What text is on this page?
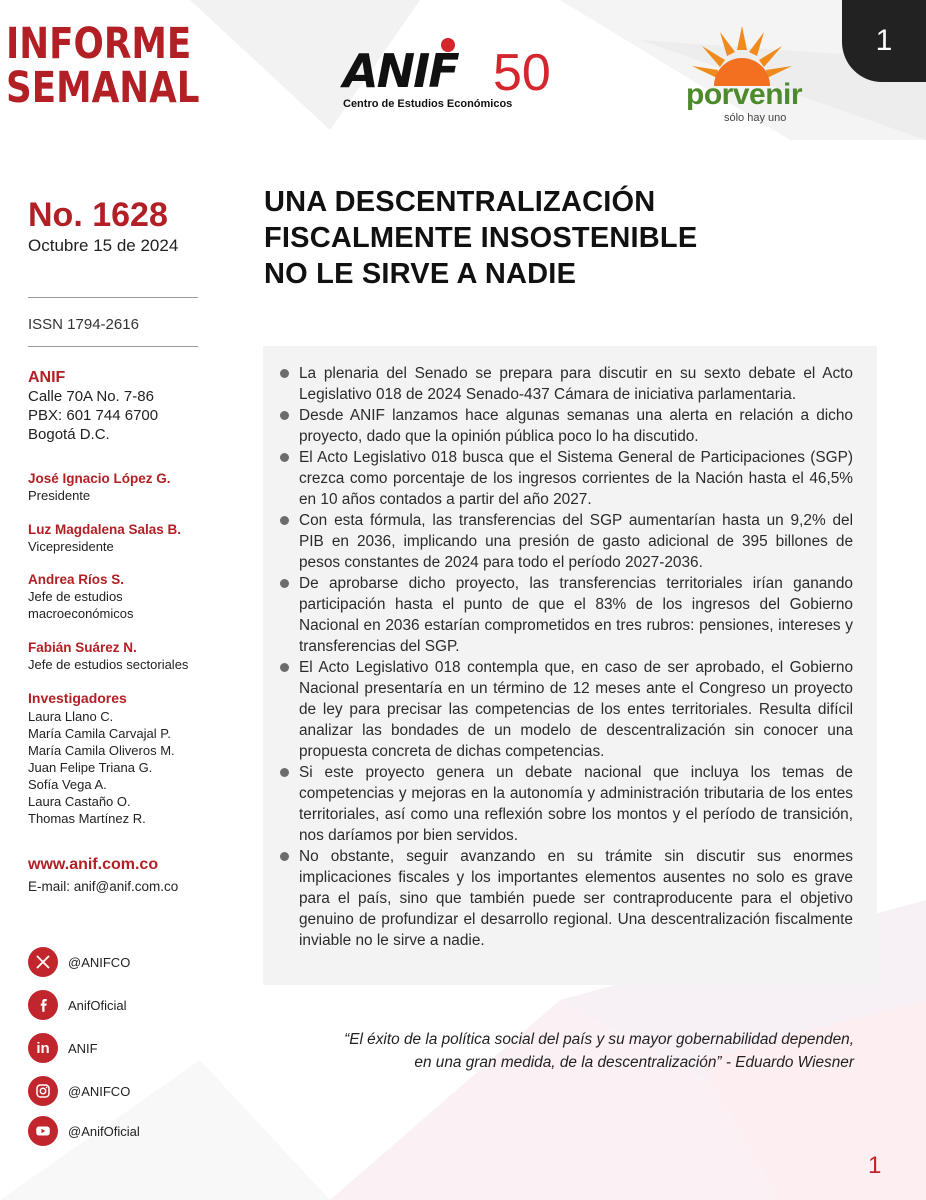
INFORME
SEMANAL	ANIF 50
Centro de Estudios Económicos	porvenir
sólo hay uno
1
No. 1628
Octubre 15 de 2024
ISSN 1794-2616
ANIF
Calle 70A No. 7-86
PBX: 601 744 6700
Bogotá D.C.
José Ignacio López G.
Presidente
Luz Magdalena Salas B.
Vicepresidente
Andrea Ríos S.
Jefe de estudios macroeconómicos
Fabián Suárez N.
Jefe de estudios sectoriales
Investigadores
Laura Llano C.
María Camila Carvajal P.
María Camila Oliveros M.
Juan Felipe Triana G.
Sofía Vega A.
Laura Castaño O.
Thomas Martínez R.
www.anif.com.co
E-mail: anif@anif.com.co
@ANIFCO
AnifOficial
in	ANIF
@ANIFCO
@AnifOficial
UNA DESCENTRALIZACIÓN
FISCALMENTE INSOSTENIBLE
NO LE SIRVE A NADIE
La plenaria del Senado se prepara para discutir en su sexto debate el Acto Legislativo 018 de 2024 Senado-437 Cámara de iniciativa parlamentaria.
Desde ANIF lanzamos hace algunas semanas una alerta en relación a dicho proyecto, dado que la opinión pública poco lo ha discutido.
El Acto Legislativo 018 busca que el Sistema General de Participaciones (SGP) crezca como porcentaje de los ingresos corrientes de la Nación hasta el 46,5% en 10 años contados a partir del año 2027.
Con esta fórmula, las transferencias del SGP aumentarían hasta un 9,2% del PIB en 2036, implicando una presión de gasto adicional de 395 billones de pesos constantes de 2024 para todo el período 2027-2036.
De aprobarse dicho proyecto, las transferencias territoriales irían ganando participación hasta el punto de que el 83% de los ingresos del Gobierno Nacional en 2036 estarían comprometidos en tres rubros: pensiones, intereses y transferencias del SGP.
El Acto Legislativo 018 contempla que, en caso de ser aprobado, el Gobierno Nacional presentaría en un término de 12 meses ante el Congreso un proyecto de ley para precisar las competencias de los entes territoriales. Resulta difícil analizar las bondades de un modelo de descentralización sin conocer una propuesta concreta de dichas competencias.
Si este proyecto genera un debate nacional que incluya los temas de competencias y mejoras en la autonomía y administración tributaria de los entes territoriales, así como una reflexión sobre los montos y el período de transición, nos daríamos por bien servidos.
No obstante, seguir avanzando en su trámite sin discutir sus enormes implicaciones fiscales y los importantes elementos ausentes no solo es grave para el país, sino que también puede ser contraproducente para el objetivo genuino de profundizar el desarrollo regional. Una descentralización fiscalmente inviable no le sirve a nadie.
“El éxito de la política social del país y su mayor gobernabilidad dependen,
en una gran medida, de la descentralización” - Eduardo Wiesner
1
